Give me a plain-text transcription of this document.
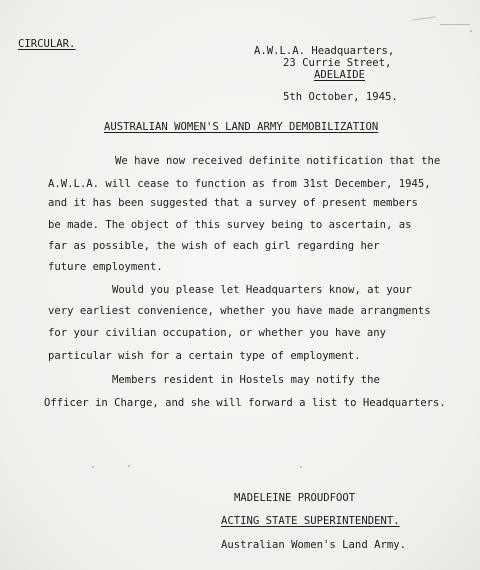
CIRCULAR.
A.W.L.A. Headquarters,
23 Currie Street,
ADELAIDE
5th October, 1945.
AUSTRALIAN WOMEN'S LAND ARMY DEMOBILIZATION
We have now received definite notification that the
A.W.L.A. will cease to function as from 31st December, 1945,
and it has been suggested that a survey of present members
be made. The object of this survey being to ascertain, as
far as possible, the wish of each girl regarding her
future employment.
Would you please let Headquarters know, at your
very earliest convenience, whether you have made arrangments
for your civilian occupation, or whether you have any
particular wish for a certain type of employment.
Members resident in Hostels may notify the
Officer in Charge, and she will forward a list to Headquarters.
MADELEINE PROUDFOOT
ACTING STATE SUPERINTENDENT.
Australian Women's Land Army.
